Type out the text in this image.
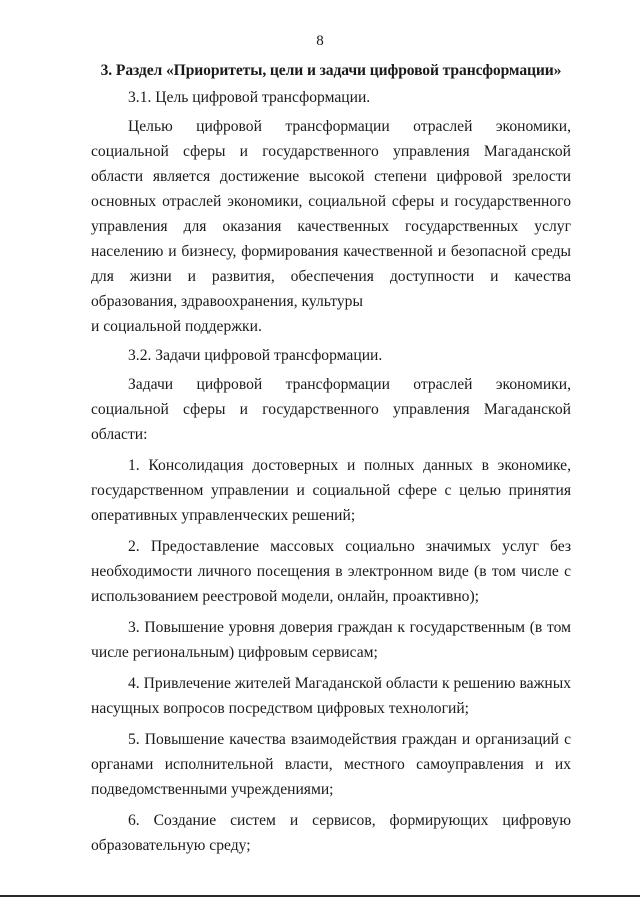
8
3. Раздел «Приоритеты, цели и задачи цифровой трансформации»

3.1. Цель цифровой трансформации.

Целью цифровой трансформации отраслей экономики, социальной сферы и государственного управления Магаданской области является достижение высокой степени цифровой зрелости основных отраслей экономики, социальной сферы и государственного управления для оказания качественных государственных услуг населению и бизнесу, формирования качественной и безопасной среды для жизни и развития, обеспечения доступности и качества образования, здравоохранения, культуры

и социальной поддержки.

3.2. Задачи цифровой трансформации.

Задачи цифровой трансформации отраслей экономики, социальной сферы и государственного управления Магаданской области:

1. Консолидация достоверных и полных данных в экономике, государственном управлении и социальной сфере с целью принятия оперативных управленческих решений;

2. Предоставление массовых социально значимых услуг без необходимости личного посещения в электронном виде (в том числе с использованием реестровой модели, онлайн, проактивно);

3. Повышение уровня доверия граждан к государственным (в том числе региональным) цифровым сервисам;

4. Привлечение жителей Магаданской области к решению важных насущных вопросов посредством цифровых технологий;

5. Повышение качества взаимодействия граждан и организаций с органами исполнительной власти, местного самоуправления и их подведомственными учреждениями;

6. Создание систем и сервисов, формирующих цифровую образовательную среду;
